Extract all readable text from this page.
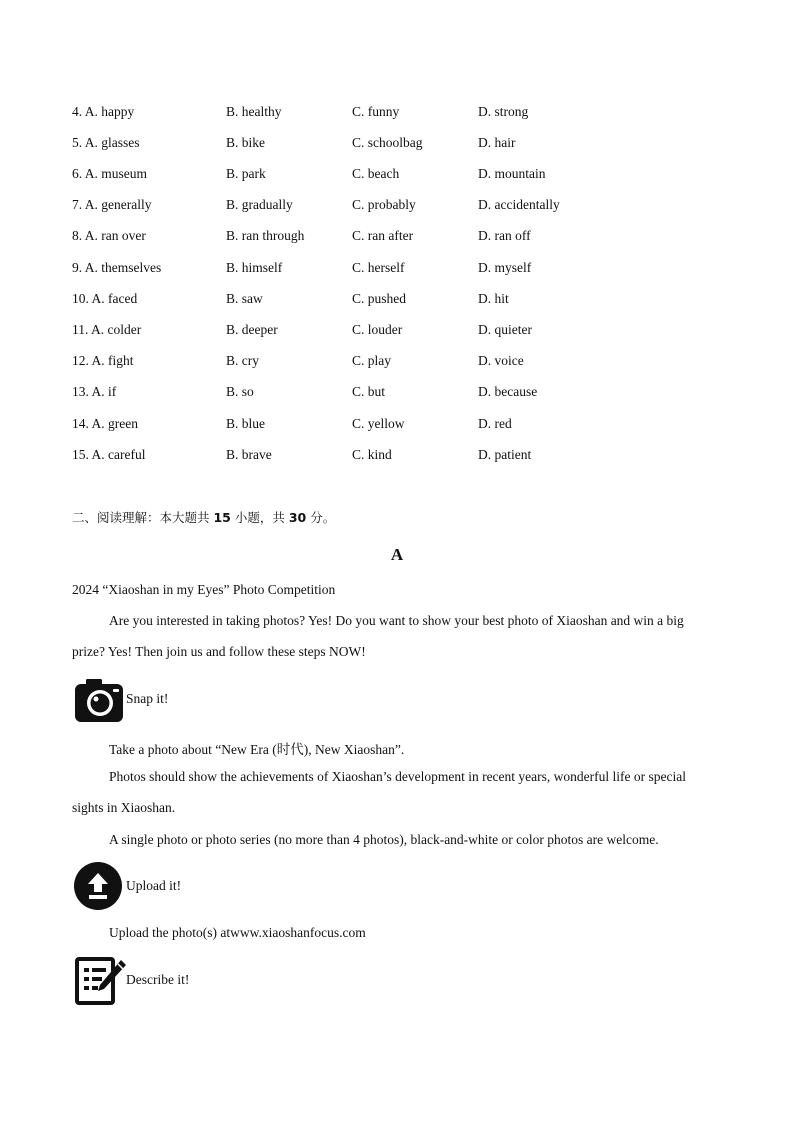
4. A. happy	B. healthy	C. funny	D. strong
5. A. glasses	B. bike	C. schoolbag	D. hair
6. A. museum	B. park	C. beach	D. mountain
7. A. generally	B. gradually	C. probably	D. accidentally
8. A. ran over	B. ran through	C. ran after	D. ran off
9. A. themselves	B. himself	C. herself	D. myself
10. A. faced	B. saw	C. pushed	D. hit
11. A. colder	B. deeper	C. louder	D. quieter
12. A. fight	B. cry	C. play	D. voice
13. A. if	B. so	C. but	D. because
14. A. green	B. blue	C. yellow	D. red
15. A. careful	B. brave	C. kind	D. patient
二、阅读理解：本大题共 15 小题，共 30 分。
A
2024 “Xiaoshan in my Eyes” Photo Competition
Are you interested in taking photos? Yes! Do you want to show your best photo of Xiaoshan and win a big
prize? Yes! Then join us and follow these steps NOW!
Snap it!
Take a photo about “New Era (时代), New Xiaoshan”.
Photos should show the achievements of Xiaoshan’s development in recent years, wonderful life or special
sights in Xiaoshan.
A single photo or photo series (no more than 4 photos), black-and-white or color photos are welcome.
Upload it!
Upload the photo(s) atwww.xiaoshanfocus.com
Describe it!
